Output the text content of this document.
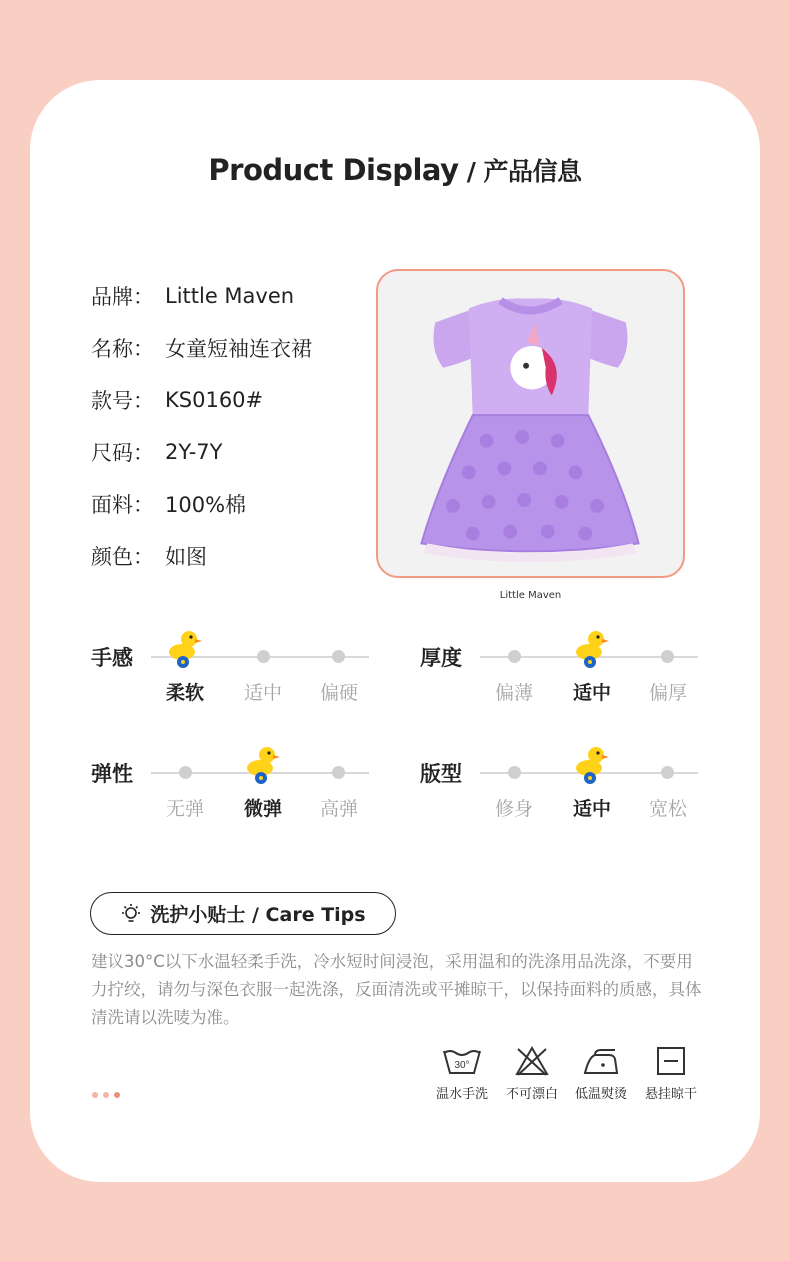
Product Display / 产品信息
品牌： Little Maven
名称： 女童短袖连衣裙
款号： KS0160#
尺码： 2Y-7Y
面料： 100%棉
颜色： 如图
Little Maven
手感
柔软	适中	偏硬
厚度
偏薄	适中	偏厚
弹性
无弹	微弹	高弹
版型
修身	适中	宽松
洗护小贴士 / Care Tips
建议30°C以下水温轻柔手洗，冷水短时间浸泡，采用温和的洗涤用品洗涤，不要用力拧绞，请勿与深色衣服一起洗涤，反面清洗或平摊晾干，以保持面料的质感，具体清洗请以洗唛为准。
30°
温水手洗	不可漂白	低温熨烫	悬挂晾干
